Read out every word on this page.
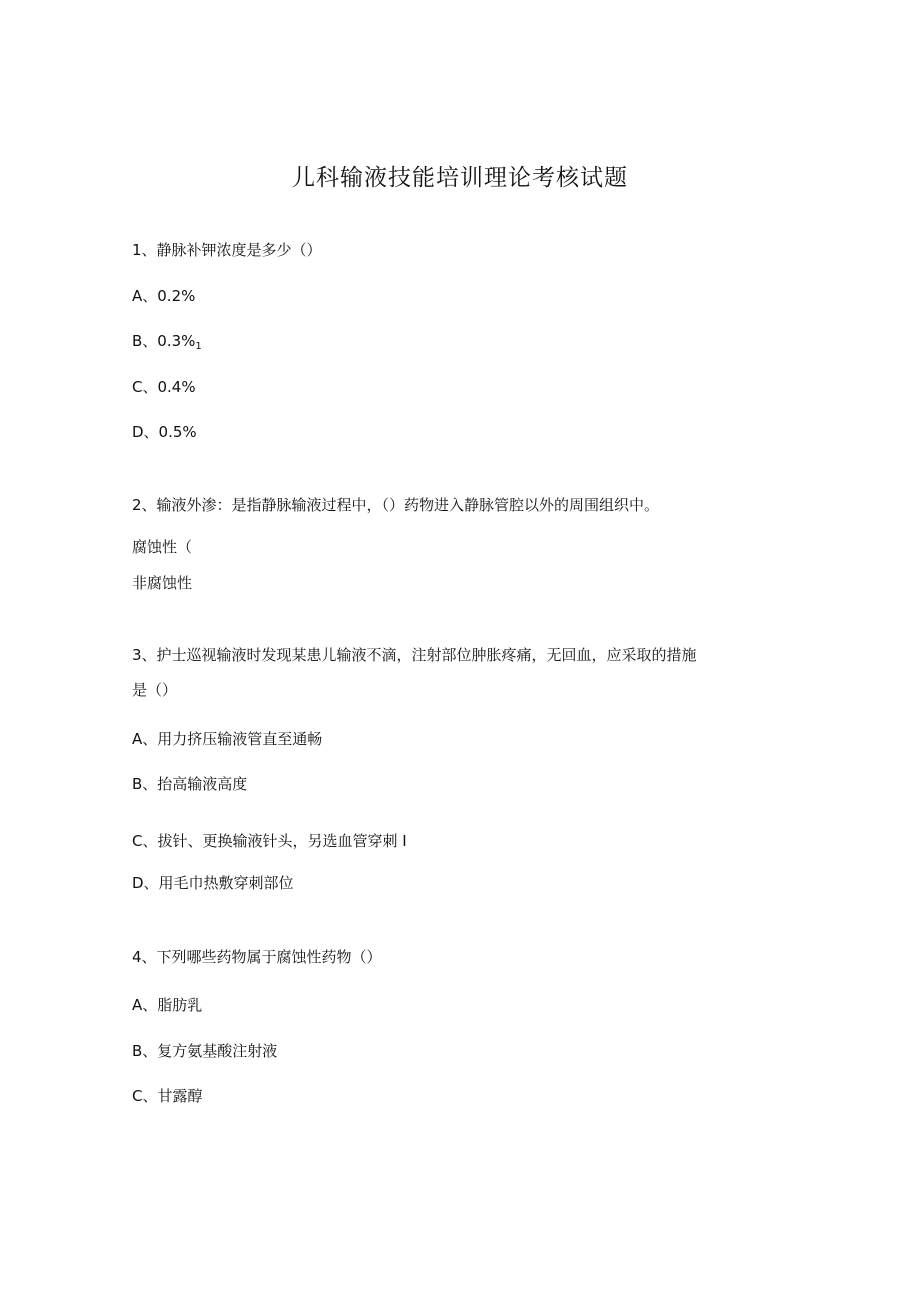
儿科输液技能培训理论考核试题
1、静脉补钾浓度是多少（）
A、0.2%
B、$0.3\%_1$
C、0.4%
D、0.5%
2、输液外渗：是指静脉输液过程中，（）药物进入静脉管腔以外的周围组织中。
腐蚀性（
非腐蚀性
3、护士巡视输液时发现某患儿输液不滴，注射部位肿胀疼痛，无回血，应采取的措施
是（）
A、用力挤压输液管直至通畅
B、抬高输液高度
C、拔针、更换输液针头，另选血管穿刺 I
D、用毛巾热敷穿刺部位
4、下列哪些药物属于腐蚀性药物（）
A、脂肪乳
B、复方氨基酸注射液
C、甘露醇
